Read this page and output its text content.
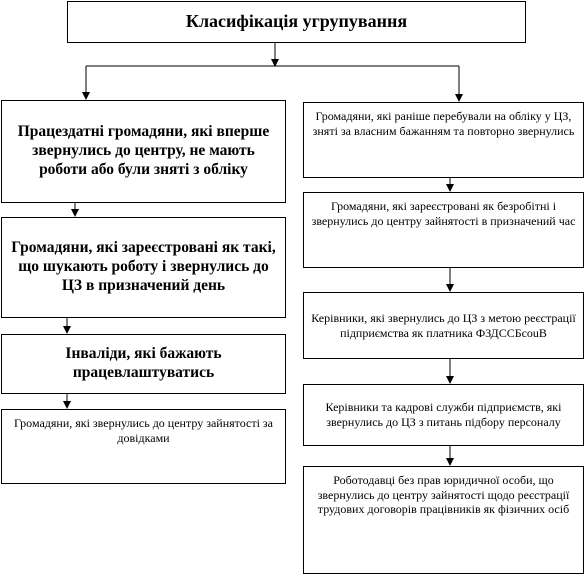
Класифікація угрупування
Працездатні громадяни, які вперше звернулись до центру, не мають роботи або були зняті з обліку
Громадяни, які зареєстровані як такі, що шукають роботу і звернулись до ЦЗ в призначений день
Інваліди, які бажають працевлаштуватись
Громадяни, які звернулись до центру зайнятості за довідками
Громадяни, які раніше перебували на обліку у ЦЗ, зняті за власним бажанням та повторно звернулись
Громадяни, які зареєстровані як безробітні і звернулись до центру зайнятості в призначений час
Керівники, які звернулись до ЦЗ з метою реєстрації підприємства як платника ФЗДССБcouB
Керівники та кадрові служби підприємств, які звернулись до ЦЗ з питань підбору персоналу
Роботодавці без прав юридичної особи, що звернулись до центру зайнятості щодо реєстрації трудових договорів працівників як фізичних осіб
